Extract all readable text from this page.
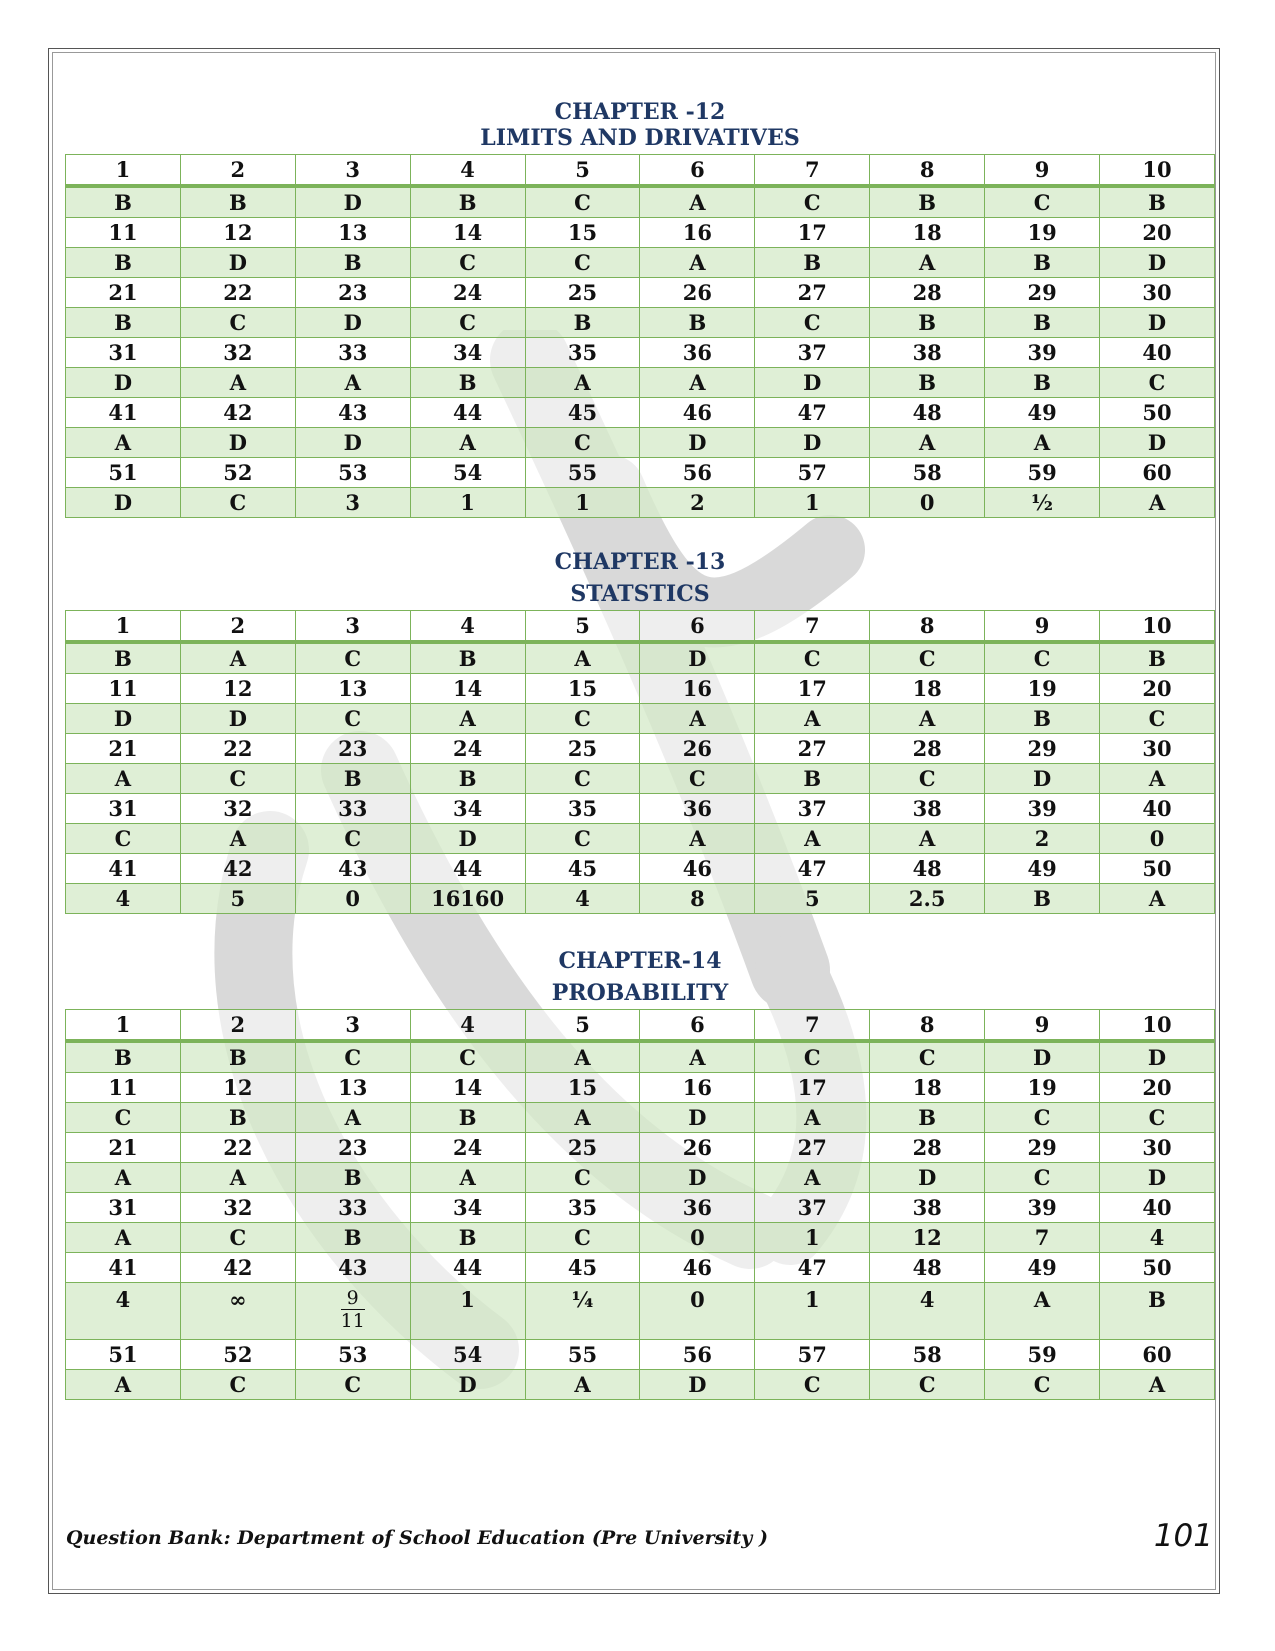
CHAPTER -12
LIMITS AND DRIVATIVES
1	2	3	4	5	6	7	8	9	10
B	B	D	B	C	A	C	B	C	B
11	12	13	14	15	16	17	18	19	20
B	D	B	C	C	A	B	A	B	D
21	22	23	24	25	26	27	28	29	30
B	C	D	C	B	B	C	B	B	D
31	32	33	34	35	36	37	38	39	40
D	A	A	B	A	A	D	B	B	C
41	42	43	44	45	46	47	48	49	50
A	D	D	A	C	D	D	A	A	D
51	52	53	54	55	56	57	58	59	60
D	C	3	1	1	2	1	0	½	A
CHAPTER -13
STATSTICS
1	2	3	4	5	6	7	8	9	10
B	A	C	B	A	D	C	C	C	B
11	12	13	14	15	16	17	18	19	20
D	D	C	A	C	A	A	A	B	C
21	22	23	24	25	26	27	28	29	30
A	C	B	B	C	C	B	C	D	A
31	32	33	34	35	36	37	38	39	40
C	A	C	D	C	A	A	A	2	0
41	42	43	44	45	46	47	48	49	50
4	5	0	16160	4	8	5	2.5	B	A
CHAPTER-14
PROBABILITY
1	2	3	4	5	6	7	8	9	10
B	B	C	C	A	A	C	C	D	D
11	12	13	14	15	16	17	18	19	20
C	B	A	B	A	D	A	B	C	C
21	22	23	24	25	26	27	28	29	30
A	A	B	A	C	D	A	D	C	D
31	32	33	34	35	36	37	38	39	40
A	C	B	B	C	0	1	12	7	4
41	42	43	44	45	46	47	48	49	50
4	∞	$\frac{9}{11}$	1	¼	0	1	4	A	B
51	52	53	54	55	56	57	58	59	60
A	C	C	D	A	D	C	C	C	A
Question Bank: Department of School Education (Pre University )	101
